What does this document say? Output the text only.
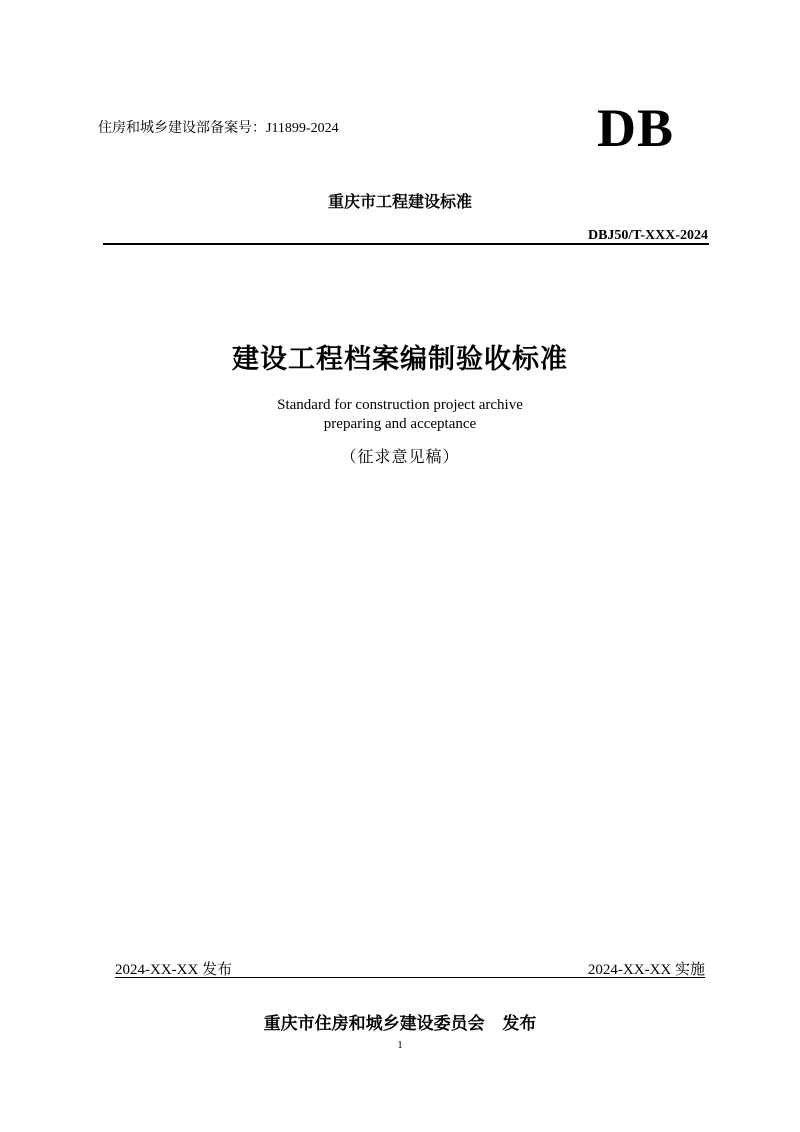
住房和城乡建设部备案号：J11899-2024	DB
重庆市工程建设标准
DBJ50/T-XXX-2024
建设工程档案编制验收标准
Standard for construction project archive
preparing and acceptance
（征求意见稿）
2024-XX-XX 发布	2024-XX-XX 实施
重庆市住房和城乡建设委员会   发布
1
